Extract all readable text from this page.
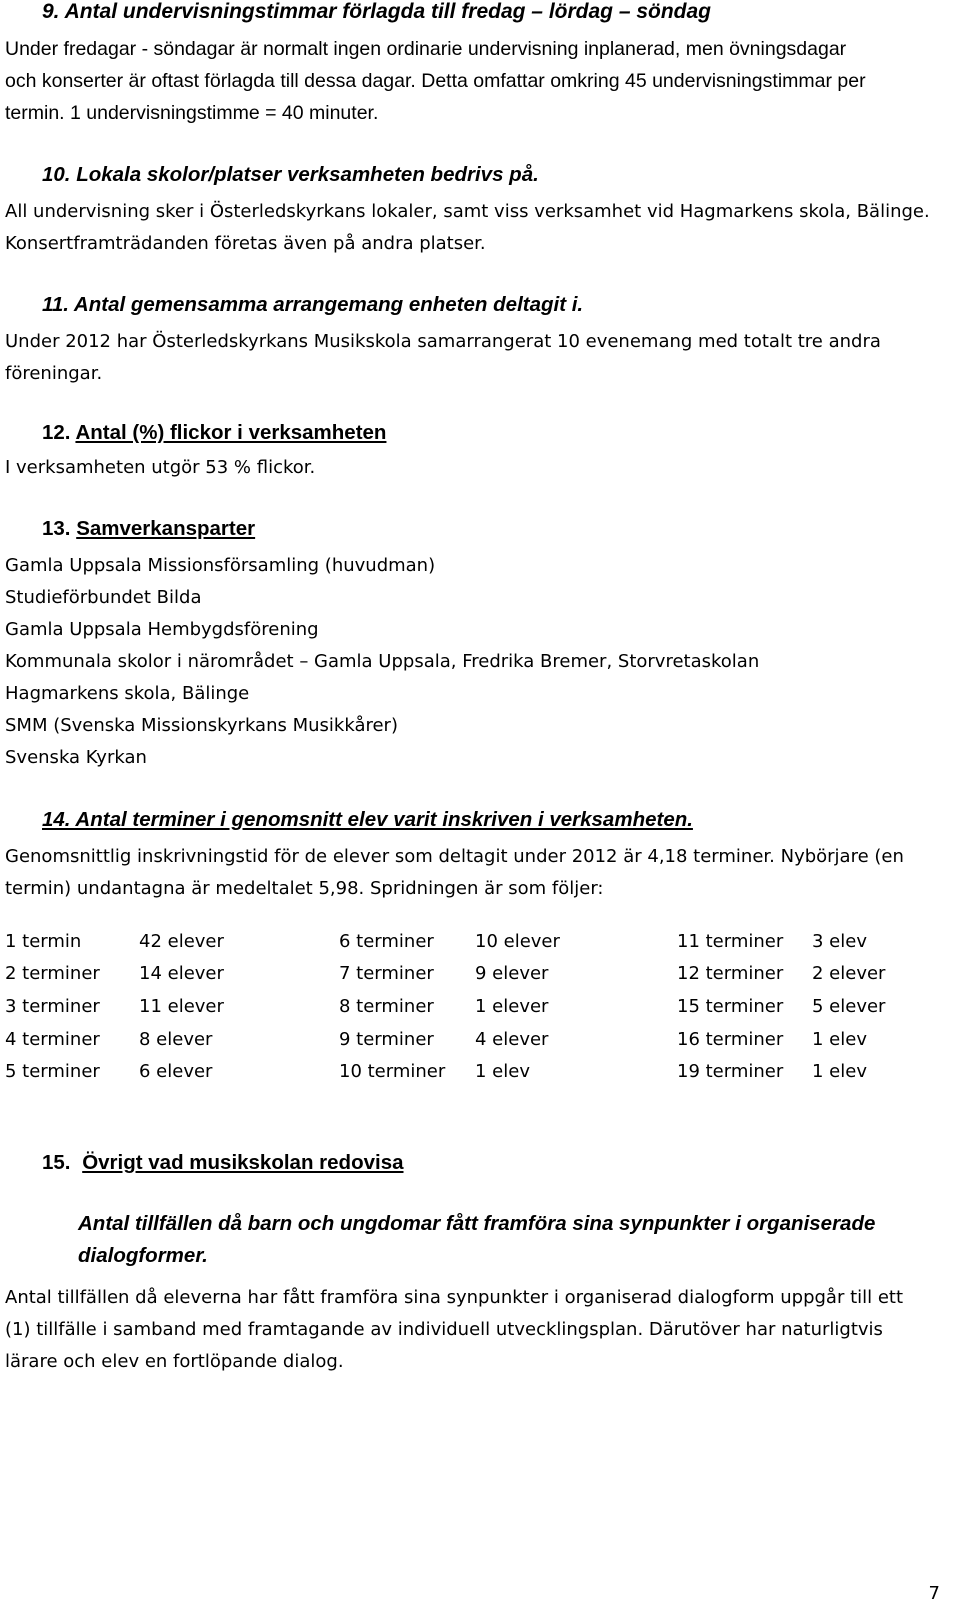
9. Antal undervisningstimmar förlagda till fredag – lördag – söndag

Under fredagar - söndagar är normalt ingen ordinarie undervisning inplanerad, men övningsdagar
och konserter är oftast förlagda till dessa dagar. Detta omfattar omkring 45 undervisningstimmar per
termin. 1 undervisningstimme = 40 minuter.

10. Lokala skolor/platser verksamheten bedrivs på.

All undervisning sker i Österledskyrkans lokaler, samt viss verksamhet vid Hagmarkens skola, Bälinge.
Konsertframträdanden företas även på andra platser.

11. Antal gemensamma arrangemang enheten deltagit i.

Under 2012 har Österledskyrkans Musikskola samarrangerat 10 evenemang med totalt tre andra
föreningar.

12. Antal (%) flickor i verksamheten

I verksamheten utgör 53 % flickor.

13. Samverkansparter

Gamla Uppsala Missionsförsamling (huvudman)
Studieförbundet Bilda
Gamla Uppsala Hembygdsförening
Kommunala skolor i närområdet – Gamla Uppsala, Fredrika Bremer, Storvretaskolan
Hagmarkens skola, Bälinge
SMM (Svenska Missionskyrkans Musikkårer)
Svenska Kyrkan

14. Antal terminer i genomsnitt elev varit inskriven i verksamheten.

Genomsnittlig inskrivningstid för de elever som deltagit under 2012 är 4,18 terminer. Nybörjare (en
termin) undantagna är medeltalet 5,98. Spridningen är som följer:

1 termin	42 elever	6 terminer	10 elever	11 terminer	3 elev
2 terminer	14 elever	7 terminer	9 elever	12 terminer	2 elever
3 terminer	11 elever	8 terminer	1 elever	15 terminer	5 elever
4 terminer	8 elever	9 terminer	4 elever	16 terminer	1 elev
5 terminer	6 elever	10 terminer	1 elev	19 terminer	1 elev
15. Övrigt vad musikskolan redovisa
Antal tillfällen då barn och ungdomar fått framföra sina synpunkter i organiserade
dialogformer.

Antal tillfällen då eleverna har fått framföra sina synpunkter i organiserad dialogform uppgår till ett
(1) tillfälle i samband med framtagande av individuell utvecklingsplan. Därutöver har naturligtvis
lärare och elev en fortlöpande dialog.

7
